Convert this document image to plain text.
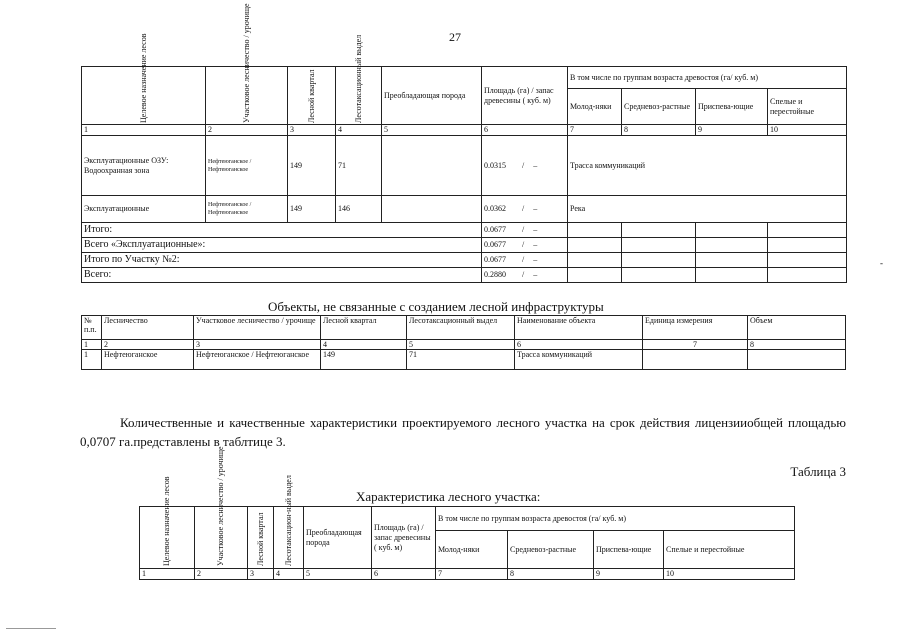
27
Целевое назначение лесов	Участковое лесничество / урочище	Лесной квартал	Лесотаксационный выдел	Преобладающая порода	Площадь (га) / запас древесины ( куб. м)	В том числе по группам возраста древостоя (га/ куб. м)			
						Молод-няки	Средневоз-растные	Приспева-ющие	Спелые и перестойные
1	2	3	4	5	6	7	8	9	10
Эксплуатационные ОЗУ: Водоохранная зона	Нефтеюганское / Нефтеюганское	149	71		0.0315 / –	Трасса коммуникаций			
Эксплуатационные	Нефтеюганское / Нефтеюганское	149	146		0.0362 / –	Река			
Итого:					0.0677 / –				
Всего «Эксплуатационные»:					0.0677 / –				
Итого по Участку №2:					0.0677 / –				
Всего:					0.2880 / –				
-
Объекты, не связанные с созданием лесной инфраструктуры
№ п.п.	Лесничество	Участковое лесничество / урочище	Лесной квартал	Лесотаксационный выдел	Наименование объекта	Единица измерения	Объем
1	2	3	4	5	6	7	8
1	Нефтеюганское	Нефтеюганское / Нефтеюганское	149	71	Трасса коммуникаций		
Количественные и качественные характеристики проектируемого лесного участка на срок действия лицензииобщей площадью 0,0707 га.представлены в таблтице 3.
Таблица 3
Характеристика лесного участка:
Целевое назначение лесов	Участковое лесничество / урочище	Лесной квартал	Лесотаксацион-ный выдел	Преобладающая порода	Площадь (га) / запас древесины ( куб. м)	В том числе по группам возраста древостоя (га/ куб. м)			
						Молод-няки	Средневоз-растные	Приспева-ющие	Спелые и перестойные
1	2	3	4	5	6	7	8	9	10
